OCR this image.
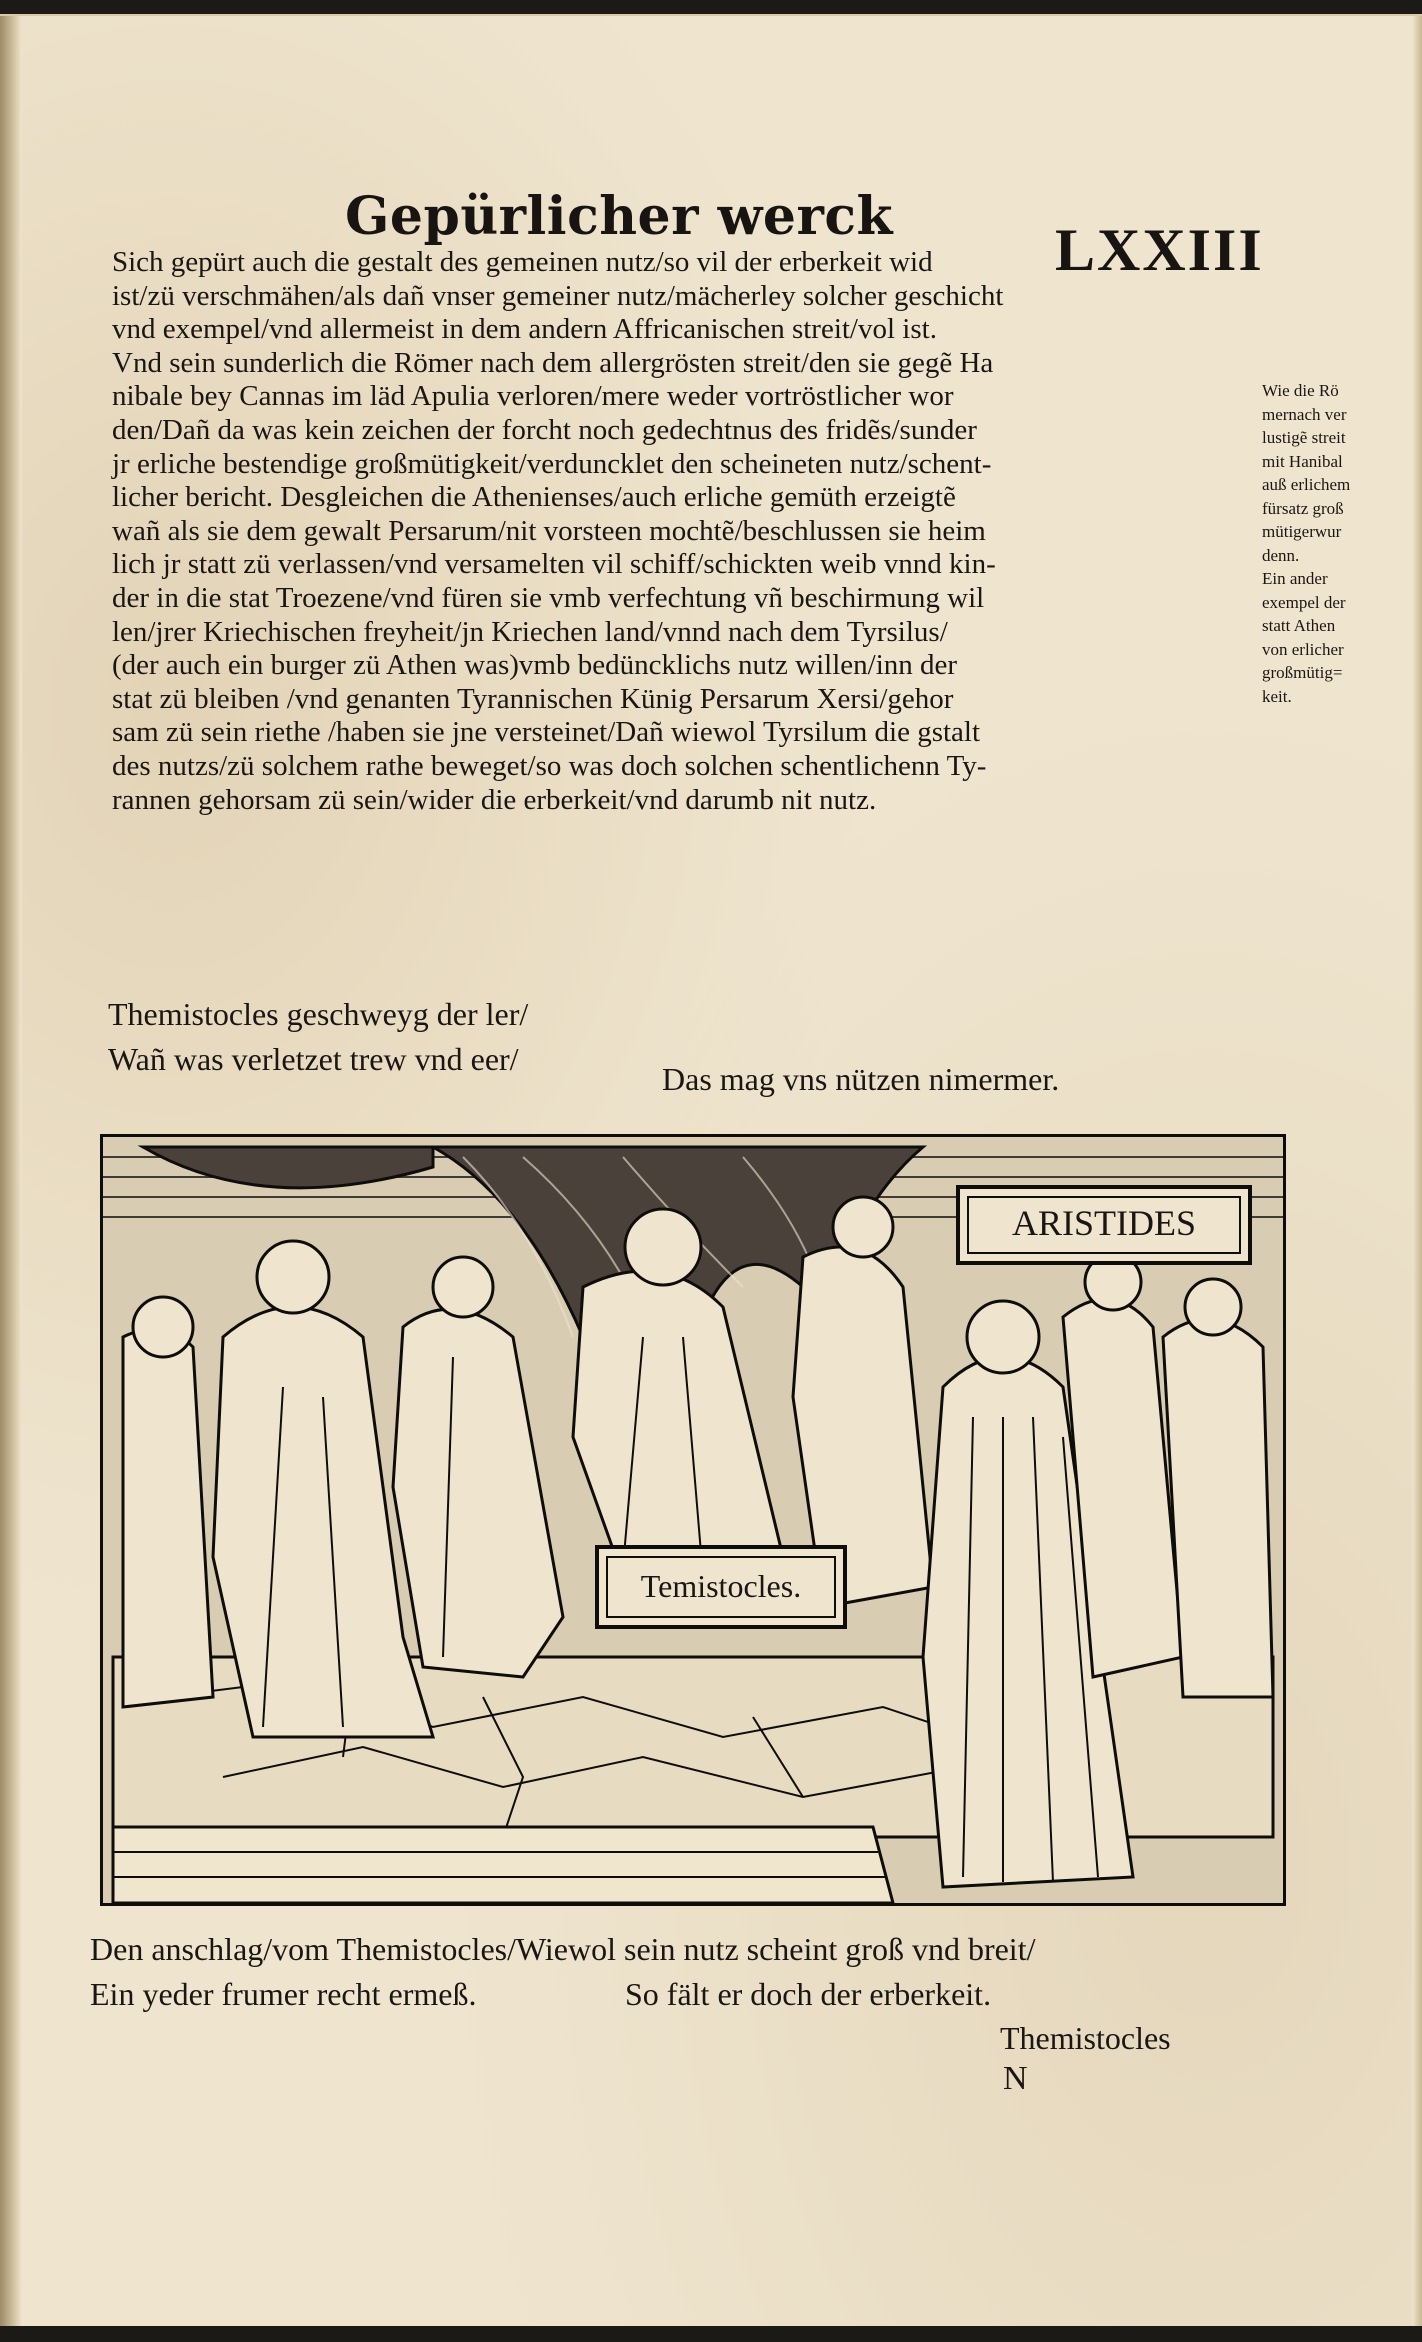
Gepürlicher werck
LXXIII
Sich gepürt auch die gestalt des gemeinen nutz/so vil der erberkeit wid
ist/zü verschmähen/als dañ vnser gemeiner nutz/mächerley solcher geschicht
vnd exempel/vnd allermeist in dem andern Affricanischen streit/vol ist.
Vnd sein sunderlich die Römer nach dem allergrösten streit/den sie gegẽ Ha
nibale bey Cannas im läd Apulia verloren/mere weder vortröstlicher wor
den/Dañ da was kein zeichen der forcht noch gedechtnus des fridẽs/sunder
jr erliche bestendige großmütigkeit/verduncklet den scheineten nutz/schent-
licher bericht. Desgleichen die Athenienses/auch erliche gemüth erzeigtẽ
wañ als sie dem gewalt Persarum/nit vorsteen mochtẽ/beschlussen sie heim
lich jr statt zü verlassen/vnd versamelten vil schiff/schickten weib vnnd kin-
der in die stat Troezene/vnd füren sie vmb verfechtung vñ beschirmung wil
len/jrer Kriechischen freyheit/jn Kriechen land/vnnd nach dem Tyrsilus/
(der auch ein burger zü Athen was)vmb bedüncklichs nutz willen/inn der
stat zü bleiben /vnd genanten Tyrannischen Künig Persarum Xersi/gehor
sam zü sein riethe /haben sie jne versteinet/Dañ wiewol Tyrsilum die gstalt
des nutzs/zü solchem rathe beweget/so was doch solchen schentlichenn Ty-
rannen gehorsam zü sein/wider die erberkeit/vnd darumb nit nutz.
Wie die Rö
mernach ver
lustigẽ streit
mit Hanibal
auß erlichem
fürsatz groß
mütigerwur
denn.
Ein ander
exempel der
statt Athen
von erlicher
großmütig=
keit.
Themistocles geschweyg der ler/
Wañ was verletzet trew vnd eer/
Das mag vns nützen nimermer.
ARISTIDES
Temistocles.
Den anschlag/vom Themistocles/Wiewol sein nutz scheint groß vnd breit/
Ein yeder frumer recht ermeß.	So fält er doch der erberkeit.
Themistocles
N
